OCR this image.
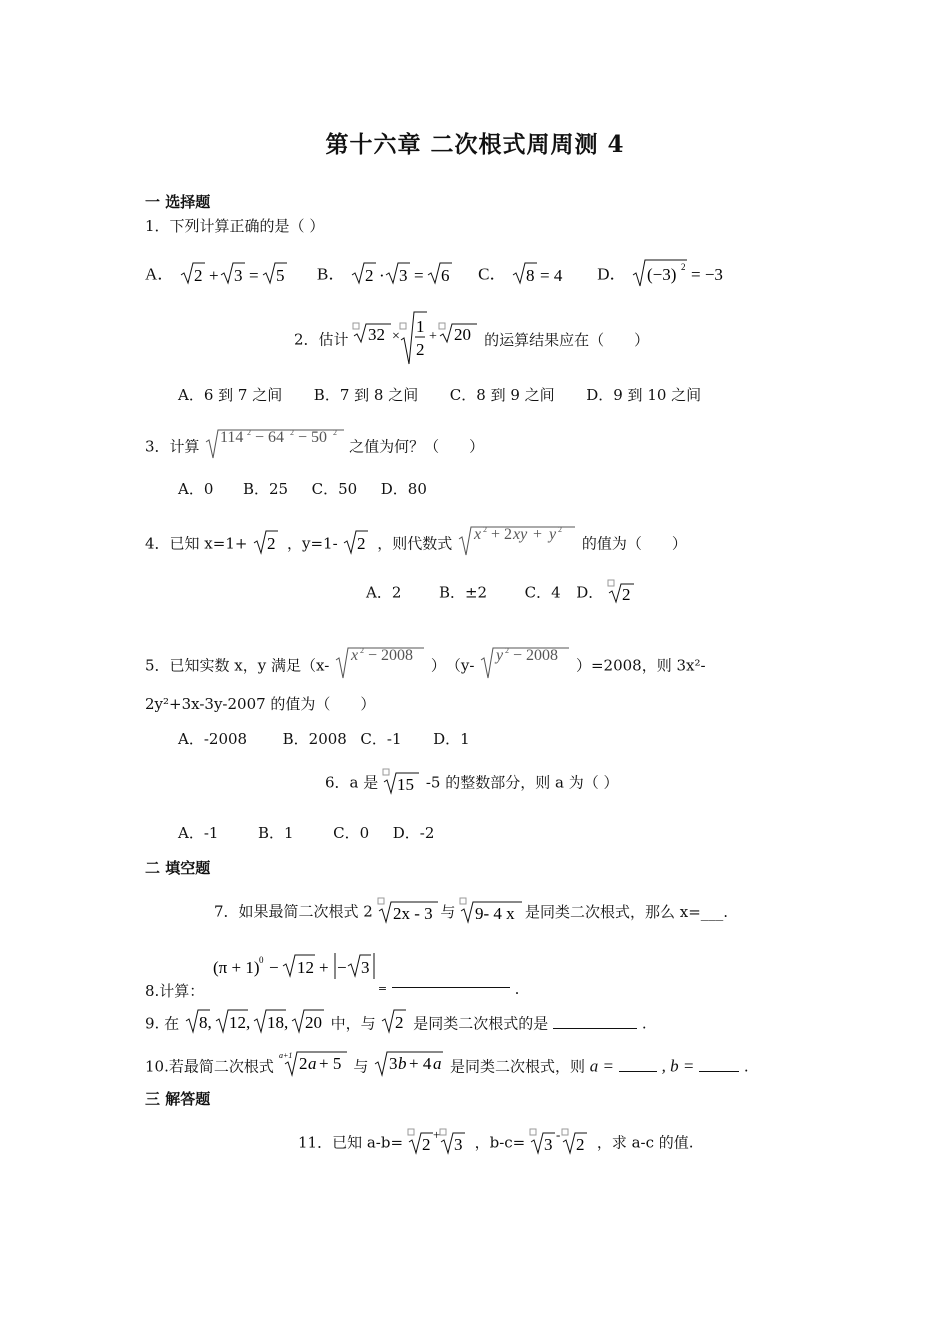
第十六章 二次根式周周测 4
一 选择题
1．下列计算正确的是（ ）
A． 2 + 3 = 5 B． 2 · 3 = 6 C． 8 = 4 D． (−3) 2 = −3
2．估计 32 ×
1
2
+ 20 的运算结果应在（　　）
A．6 到 7 之间 B．7 到 8 之间 C．8 到 9 之间 D．9 到 10 之间
3．计算 114 2 − 64 2 − 50 2
之值为何？（　　）
A．0 B．25 C．50 D．80
4．已知 x=1+ 2 ，y=1- 2 ，则代数式 x 2 + 2 xy + y 2
的值为（　　）
A．2	B．±2	C．4 D． 2
5．已知实数 x，y 满足（x-
x 2 − 2008
）　（y-
y 2 − 2008
）=2008，则 3x²-
2y²+3x-3y-2007 的值为（　　）
A．-2008 B．2008 C．-1 D．1
6．a 是 15 -5 的整数部分，则 a 为（ ）
A．-1	B．1	C．0 D．-2
二 填空题
7．如果最简二次根式 2 2x - 3 与 9- 4 x 是同类二次根式，那么 x=___.
8.计算：
(π + 1) 0 − 12 + − 3
$_=$	.
9. 在 8, 12, 18, 20 中，与 2 是同类二次根式的是	.
10.若最简二次根式
a+1 2 a + 5 与 3 b + 4 a 是同类二次根式，则 a =	, b =	.
三 解答题
11．已知 a-b= 2
+
3 ，b-c= 3
-
2 ，求 a-c 的值.
